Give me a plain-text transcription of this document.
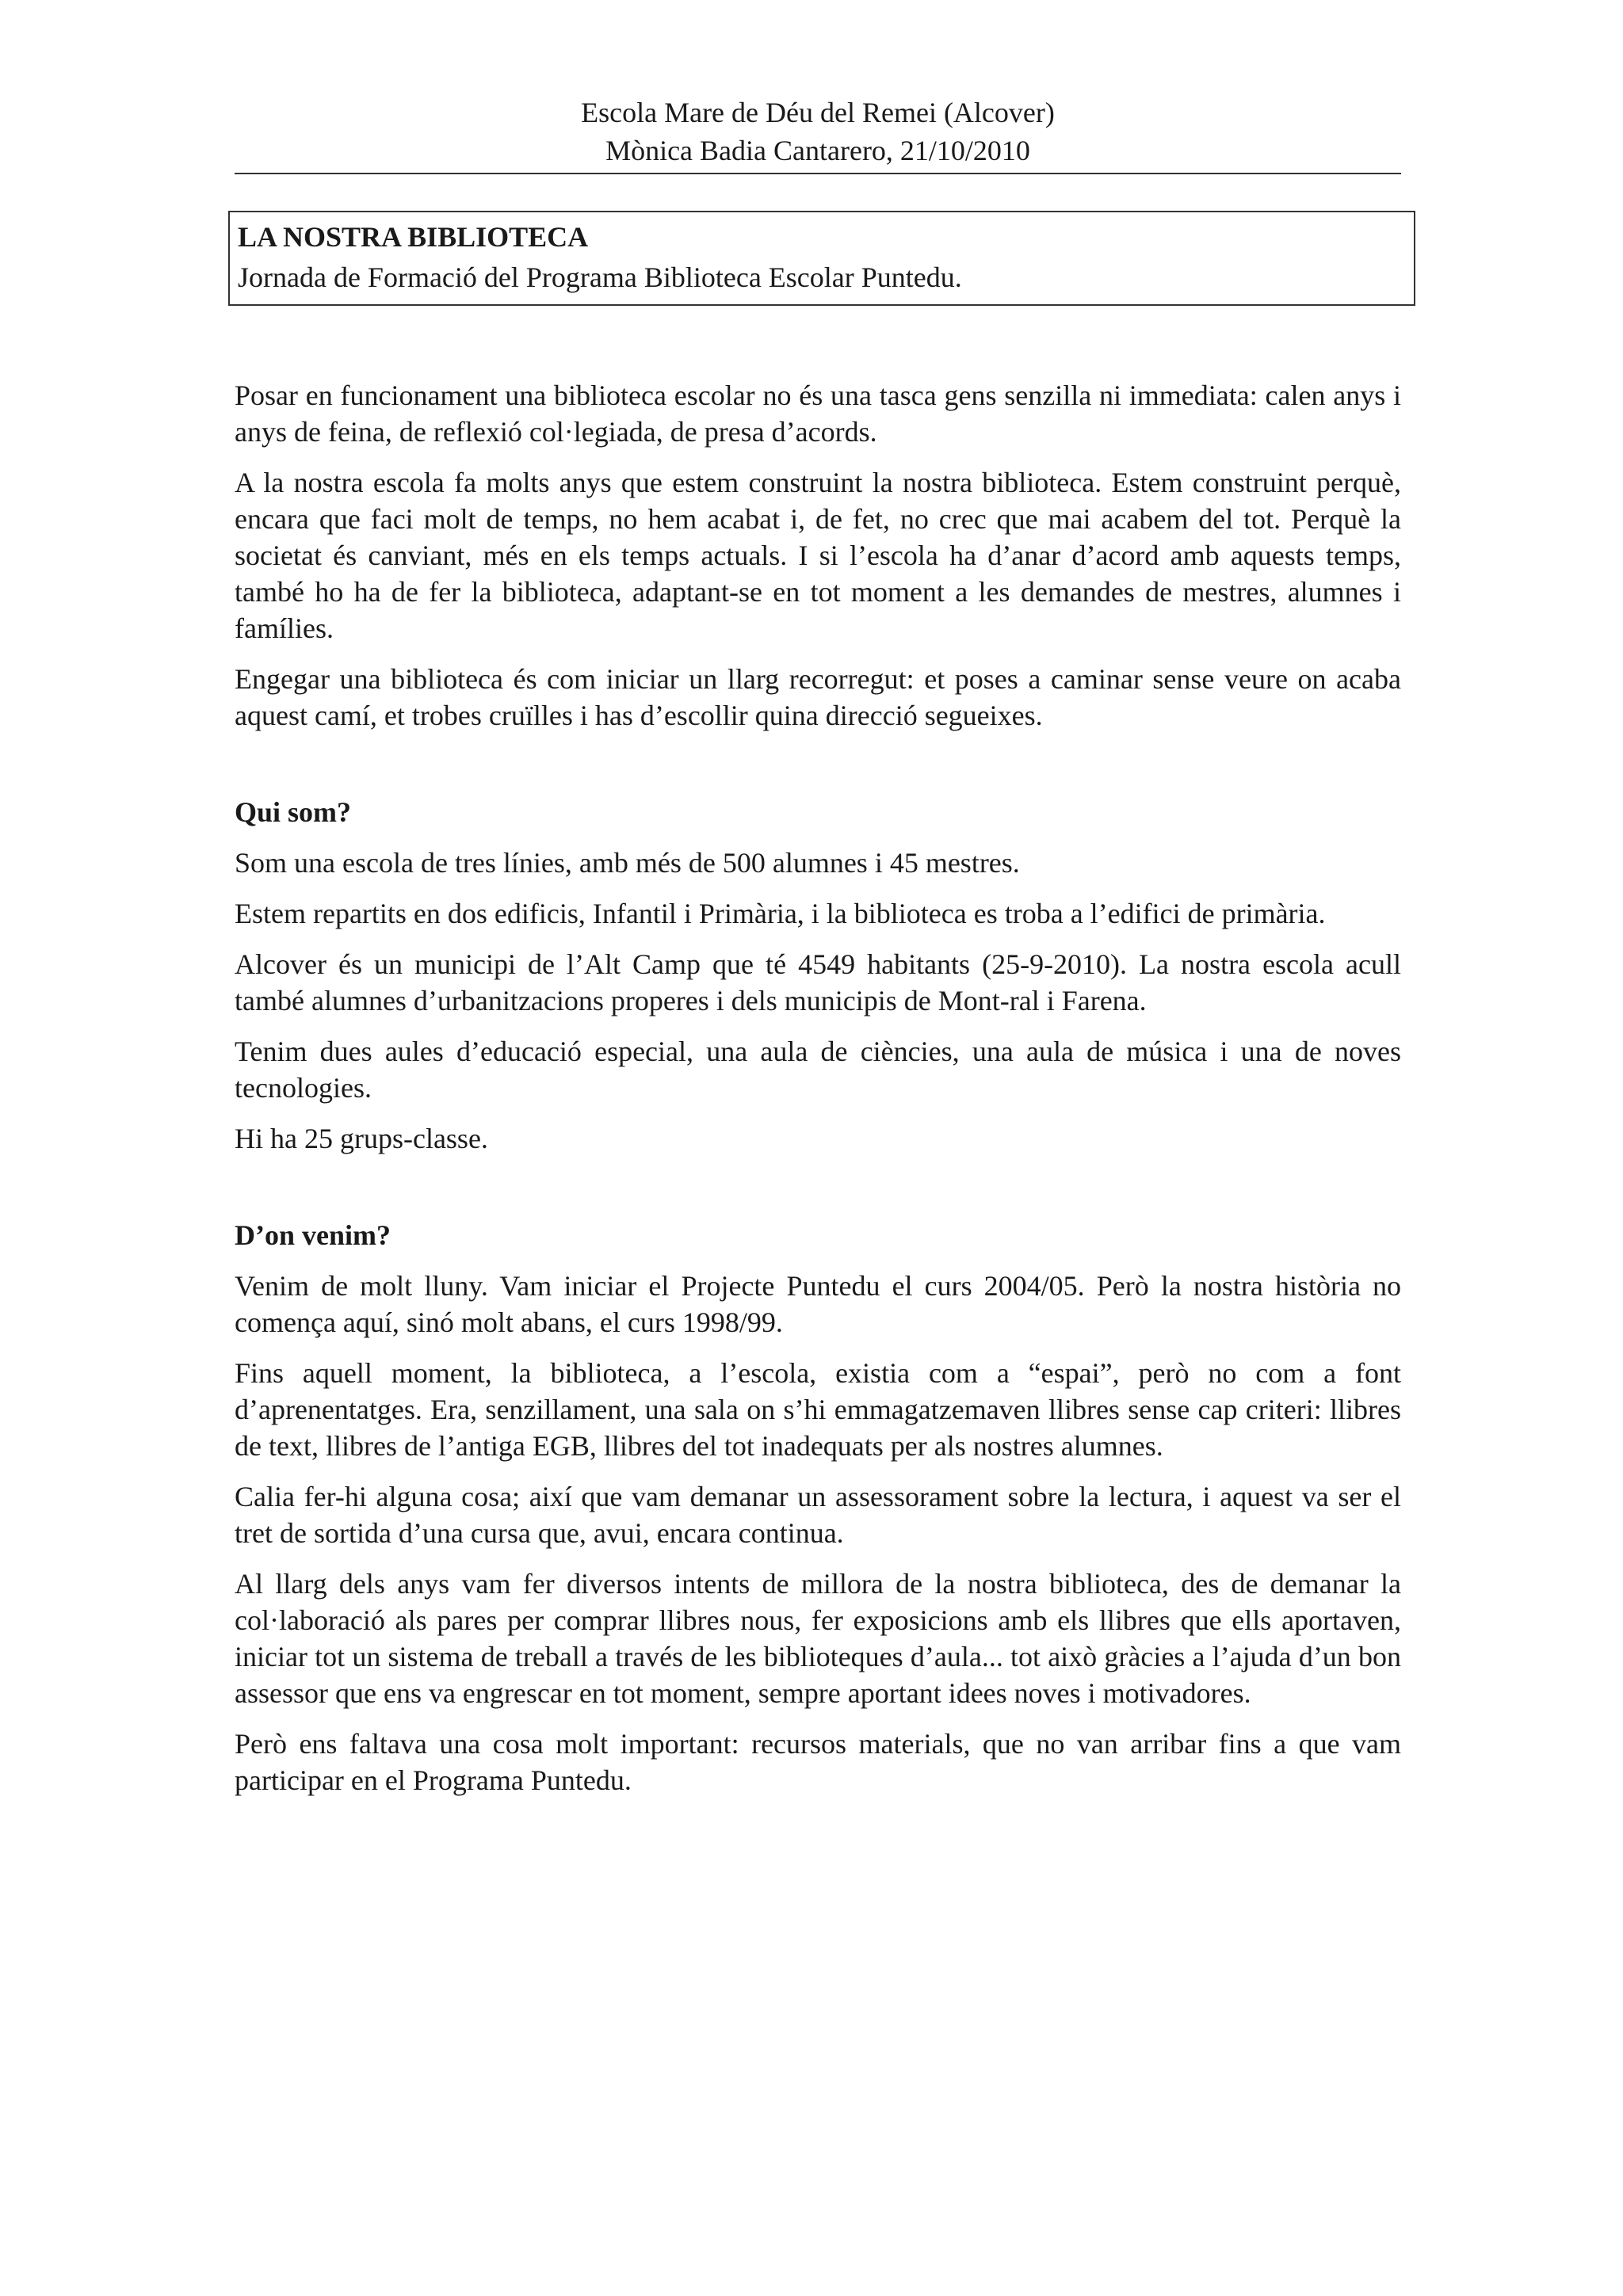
Escola Mare de Déu del Remei (Alcover)
Mònica Badia Cantarero, 21/10/2010
LA NOSTRA BIBLIOTECA
Jornada de Formació del Programa Biblioteca Escolar Puntedu.

Posar en funcionament una biblioteca escolar no és una tasca gens senzilla ni immediata: calen anys i anys de feina, de reflexió col·legiada, de presa d’acords.

A la nostra escola fa molts anys que estem construint la nostra biblioteca. Estem construint perquè, encara que faci molt de temps, no hem acabat i, de fet, no crec que mai acabem del tot. Perquè la societat és canviant, més en els temps actuals. I si l’escola ha d’anar d’acord amb aquests temps, també ho ha de fer la biblioteca, adaptant-se en tot moment a les demandes de mestres, alumnes i famílies.

Engegar una biblioteca és com iniciar un llarg recorregut: et poses a caminar sense veure on acaba aquest camí, et trobes cruïlles i has d’escollir quina direcció segueixes.

Qui som?

Som una escola de tres línies, amb més de 500 alumnes i 45 mestres.

Estem repartits en dos edificis, Infantil i Primària, i la biblioteca es troba a l’edifici de primària.

Alcover és un municipi de l’Alt Camp que té 4549 habitants (25-9-2010). La nostra escola acull també alumnes d’urbanitzacions properes i dels municipis de Mont-ral i Farena.

Tenim dues aules d’educació especial, una aula de ciències, una aula de música i una de noves tecnologies.

Hi ha 25 grups-classe.

D’on venim?

Venim de molt lluny. Vam iniciar el Projecte Puntedu el curs 2004/05. Però la nostra història no comença aquí, sinó molt abans, el curs 1998/99.

Fins aquell moment, la biblioteca, a l’escola, existia com a “espai”, però no com a font d’aprenentatges. Era, senzillament, una sala on s’hi emmagatzemaven llibres sense cap criteri: llibres de text, llibres de l’antiga EGB, llibres del tot inadequats per als nostres alumnes.

Calia fer-hi alguna cosa; així que vam demanar un assessorament sobre la lectura, i aquest va ser el tret de sortida d’una cursa que, avui, encara continua.

Al llarg dels anys vam fer diversos intents de millora de la nostra biblioteca, des de demanar la col·laboració als pares per comprar llibres nous, fer exposicions amb els llibres que ells aportaven, iniciar tot un sistema de treball a través de les biblioteques d’aula... tot això gràcies a l’ajuda d’un bon assessor que ens va engrescar en tot moment, sempre aportant idees noves i motivadores.

Però ens faltava una cosa molt important: recursos materials, que no van arribar fins a que vam participar en el Programa Puntedu.
